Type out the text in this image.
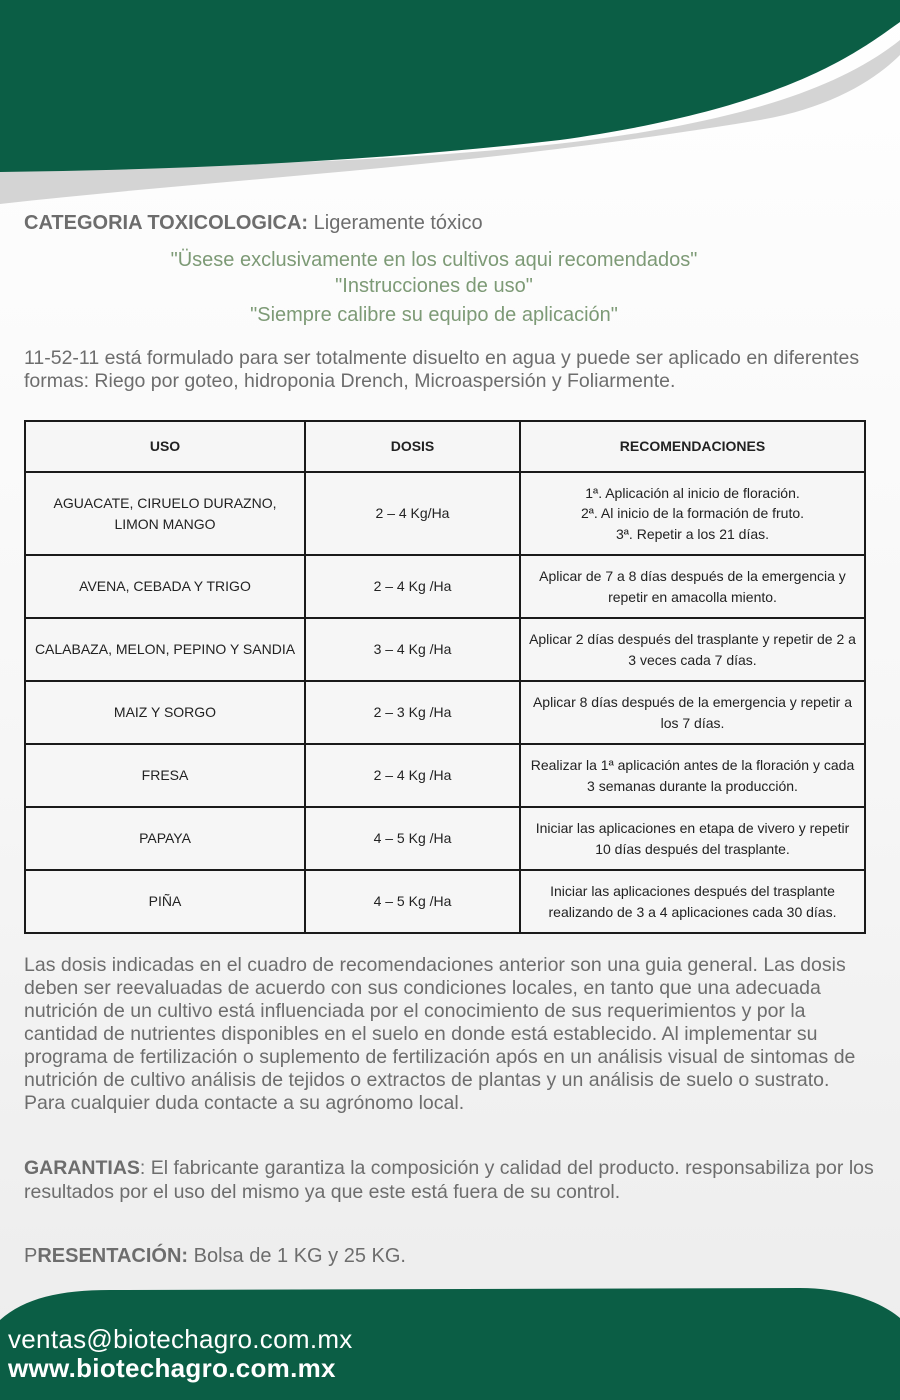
CATEGORIA TOXICOLOGICA: Ligeramente tóxico
"Üsese exclusivamente en los cultivos aqui recomendados"
"Instrucciones de uso"
"Siempre calibre su equipo de aplicación"
11-52-11 está formulado para ser totalmente disuelto en agua y puede ser aplicado en diferentes formas: Riego por goteo, hidroponia Drench, Microaspersión y Foliarmente.
USO	DOSIS	RECOMENDACIONES
AGUACATE, CIRUELO DURAZNO, LIMON MANGO	2 – 4 Kg/Ha	1ª. Aplicación al inicio de floración.
2ª. Al inicio de la formación de fruto.
3ª. Repetir a los 21 días.

AVENA, CEBADA Y TRIGO	2 – 4 Kg /Ha	Aplicar de 7 a 8 días después de la emergencia y repetir en amacolla miento.
CALABAZA, MELON, PEPINO Y SANDIA	3 – 4 Kg /Ha	Aplicar 2 días después del trasplante y repetir de 2 a 3 veces cada 7 días.
MAIZ Y SORGO	2 – 3 Kg /Ha	Aplicar 8 días después de la emergencia y repetir a los 7 días.
FRESA	2 – 4 Kg /Ha	Realizar la 1ª aplicación antes de la floración y cada 3 semanas durante la producción.
PAPAYA	4 – 5 Kg /Ha	Iniciar las aplicaciones en etapa de vivero y repetir 10 días después del trasplante.
PIÑA	4 – 5 Kg /Ha	Iniciar las aplicaciones después del trasplante realizando de 3 a 4 aplicaciones cada 30 días.
Las dosis indicadas en el cuadro de recomendaciones anterior son una guia general. Las dosis deben ser reevaluadas de acuerdo con sus condiciones locales, en tanto que una adecuada nutrición de un cultivo está influenciada por el conocimiento de sus requerimientos y por la cantidad de nutrientes disponibles en el suelo en donde está establecido. Al implementar su programa de fertilización o suplemento de fertilización após en un análisis visual de sintomas de nutrición de cultivo análisis de tejidos o extractos de plantas y un análisis de suelo o sustrato. Para cualquier duda contacte a su agrónomo local.
GARANTIAS: El fabricante garantiza la composición y calidad del producto. responsabiliza por los resultados por el uso del mismo ya que este está fuera de su control.
PRESENTACIÓN: Bolsa de 1 KG y 25 KG.
ventas@biotechagro.com.mx
www.biotechagro.com.mx
